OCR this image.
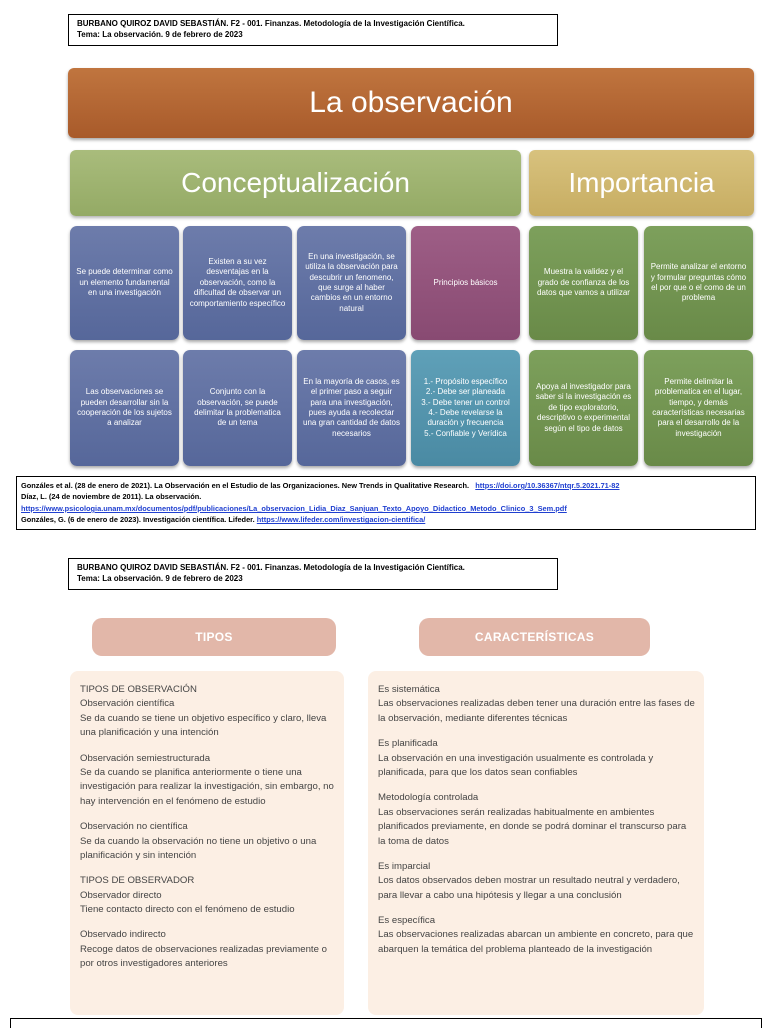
BURBANO QUIROZ DAVID SEBASTIÁN. F2 - 001. Finanzas. Metodología de la Investigación Científica.
Tema: La observación. 9 de febrero de 2023
La observación
Conceptualización	Importancia
Se puede determinar como un elemento fundamental en una investigación
Existen a su vez desventajas en la observación, como la dificultad de observar un comportamiento específico
En una investigación, se utiliza la observación para descubrir un fenomeno, que surge al haber cambios en un entorno natural
Principios básicos
Muestra la validez y el grado de confianza de los datos que vamos a utilizar
Permite analizar el entorno y formular preguntas cómo el por que o el como de un problema
Las observaciones se pueden desarrollar sin la cooperación de los sujetos a analizar
Conjunto con la observación, se puede delimitar la problematica de un tema
En la mayoría de casos, es el primer paso a seguir para una investigación, pues ayuda a recolectar una gran cantidad de datos necesarios
1.- Propósito específico
2.- Debe ser planeada
3.- Debe tener un control
4.- Debe revelarse la duración y frecuencia
5.- Confiable y Verídica
Apoya al investigador para saber si la investigación es de tipo exploratorio, descriptivo o experimental según el tipo de datos
Permite delimitar la problematica en el lugar, tiempo, y demás características necesarias para el desarrollo de la investigación
Gonzáles et al. (28 de enero de 2021). La Observación en el Estudio de las Organizaciones. New Trends in Qualitative Research. https://doi.org/10.36367/ntqr.5.2021.71-82
Díaz, L. (24 de noviembre de 2011). La observación.
https://www.psicologia.unam.mx/documentos/pdf/publicaciones/La_observacion_Lidia_Diaz_Sanjuan_Texto_Apoyo_Didactico_Metodo_Clinico_3_Sem.pdf
Gonzáles, G. (6 de enero de 2023). Investigación científica. Lifeder. https://www.lifeder.com/investigacion-cientifica/
BURBANO QUIROZ DAVID SEBASTIÁN. F2 - 001. Finanzas. Metodología de la Investigación Científica.
Tema: La observación. 9 de febrero de 2023
TIPOS	CARACTERÍSTICAS
TIPOS DE OBSERVACIÓN
Observación científica
Se da cuando se tiene un objetivo específico y claro, lleva una planificación y una intención
Observación semiestructurada
Se da cuando se planifica anteriormente o tiene una investigación para realizar la investigación, sin embargo, no hay intervención en el fenómeno de estudio
Observación no científica
Se da cuando la observación no tiene un objetivo o una planificación y sin intención
TIPOS DE OBSERVADOR
Observador directo
Tiene contacto directo con el fenómeno de estudio
Observado indirecto
Recoge datos de observaciones realizadas previamente o por otros investigadores anteriores
Es sistemática
Las observaciones realizadas deben tener una duración entre las fases de la observación, mediante diferentes técnicas
Es planificada
La observación en una investigación usualmente es controlada y planificada, para que los datos sean confiables
Metodología controlada
Las observaciones serán realizadas habitualmente en ambientes planificados previamente, en donde se podrá dominar el transcurso para la toma de datos
Es imparcial
Los datos observados deben mostrar un resultado neutral y verdadero, para llevar a cabo una hipótesis y llegar a una conclusión
Es específica
Las observaciones realizadas abarcan un ambiente en concreto, para que abarquen la temática del problema planteado de la investigación
